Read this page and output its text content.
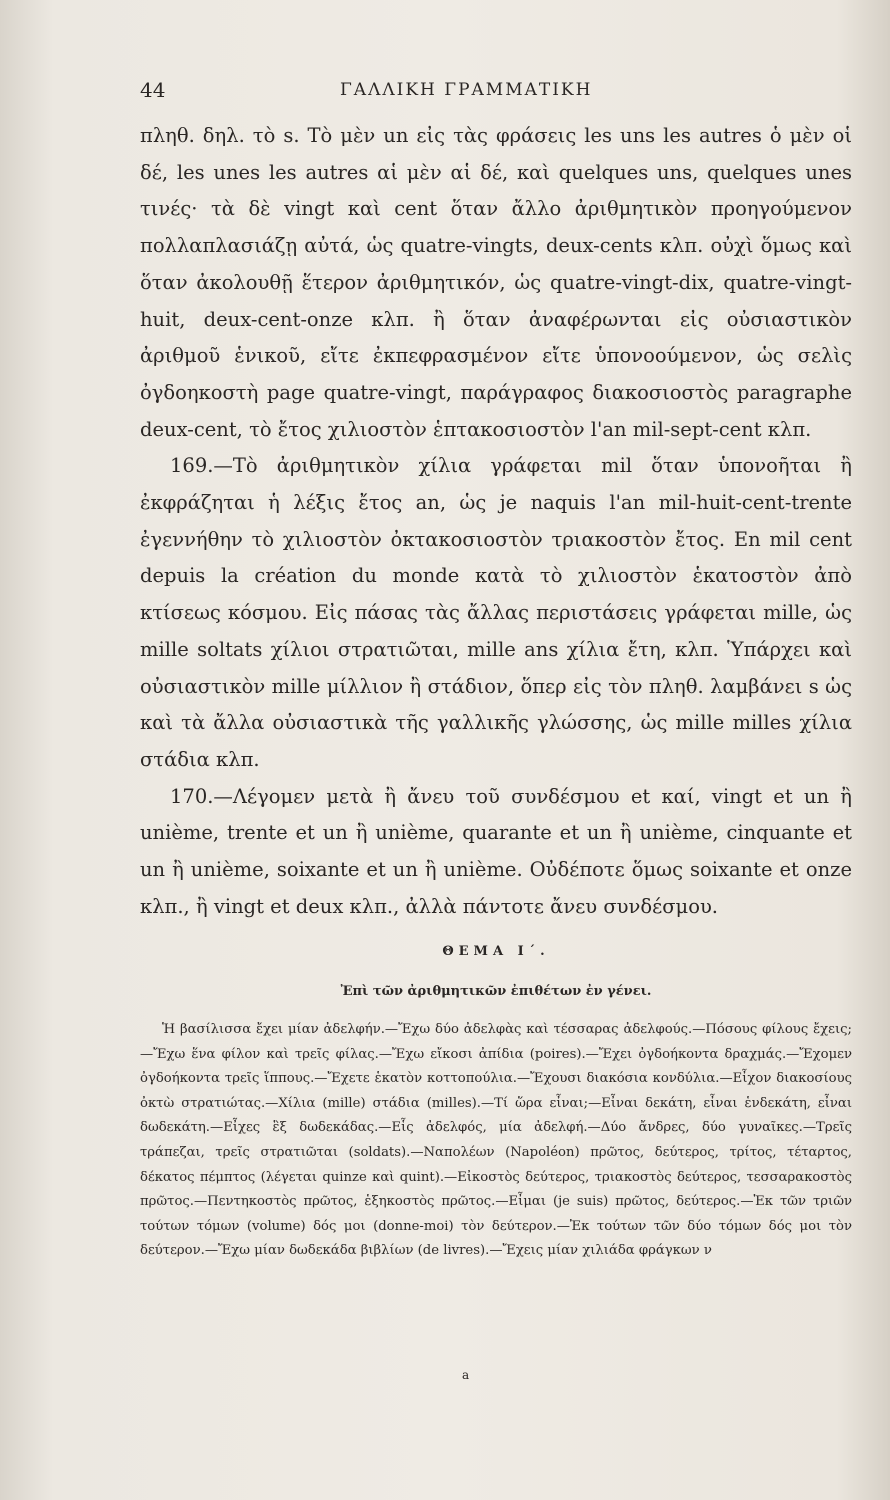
44	ΓΑΛΛΙΚΗ ΓΡΑΜΜΑΤΙΚΗ

πληθ. δηλ. τὸ s. Τὸ μὲν un εἰς τὰς φράσεις les uns les autres ὁ μὲν οἱ δέ, les unes les autres αἱ μὲν αἱ δέ, καὶ quelques uns, quelques unes τινές· τὰ δὲ vingt καὶ cent ὅταν ἄλλο ἀριθμητικὸν προηγούμενον πολλαπλασιάζῃ αὐτά, ὡς quatre-vingts, deux-cents κλπ. οὐχὶ ὅμως καὶ ὅταν ἀκολουθῇ ἕτερον ἀριθμητικόν, ὡς quatre-vingt-dix, quatre-vingt-huit, deux-cent-onze κλπ. ἢ ὅταν ἀναφέρωνται εἰς οὐσιαστικὸν ἀριθμοῦ ἑνικοῦ, εἴτε ἐκπεφρασμένον εἴτε ὑπονοούμενον, ὡς σελὶς ὀγδοηκοστὴ page quatre-vingt, παράγραφος διακοσιοστὸς paragraphe deux-cent, τὸ ἔτος χιλιοστὸν ἑπτακοσιοστὸν l'an mil-sept-cent κλπ.

169.—Τὸ ἀριθμητικὸν χίλια γράφεται mil ὅταν ὑπονοῆται ἢ ἐκφράζηται ἡ λέξις ἔτος an, ὡς je naquis l'an mil-huit-cent-trente ἐγεννήθην τὸ χιλιοστὸν ὀκτακοσιοστὸν τριακοστὸν ἔτος. En mil cent depuis la création du monde κατὰ τὸ χιλιοστὸν ἑκατοστὸν ἀπὸ κτίσεως κόσμου. Εἰς πάσας τὰς ἄλλας περιστάσεις γράφεται mille, ὡς mille soltats χίλιοι στρατιῶται, mille ans χίλια ἔτη, κλπ. Ὑπάρχει καὶ οὐσιαστικὸν mille μίλλιον ἢ στάδιον, ὅπερ εἰς τὸν πληθ. λαμβάνει s ὡς καὶ τὰ ἄλλα οὐσιαστικὰ τῆς γαλλικῆς γλώσσης, ὡς mille milles χίλια στάδια κλπ.

170.—Λέγομεν μετὰ ἢ ἄνευ τοῦ συνδέσμου et καί, vingt et un ἢ unième, trente et un ἢ unième, quarante et un ἢ unième, cinquante et un ἢ unième, soixante et un ἢ unième. Οὐδέποτε ὅμως soixante et onze κλπ., ἢ vingt et deux κλπ., ἀλλὰ πάντοτε ἄνευ συνδέσμου.

ΘΕΜΑ Ι΄.
Ἐπὶ τῶν ἀριθμητικῶν ἐπιθέτων ἐν γένει.

Ἡ βασίλισσα ἔχει μίαν ἀδελφήν.—Ἔχω δύο ἀδελφὰς καὶ τέσσαρας ἀδελφούς.—Πόσους φίλους ἔχεις;—Ἔχω ἕνα φίλον καὶ τρεῖς φίλας.—Ἔχω εἴκοσι ἀπίδια (poires).—Ἔχει ὀγδοήκοντα δραχμάς.—Ἔχομεν ὀγδοήκοντα τρεῖς ἵππους.—Ἔχετε ἑκατὸν κοττοπούλια.—Ἔχουσι διακόσια κονδύλια.—Εἶχον διακοσίους ὀκτὼ στρατιώτας.—Χίλια (mille) στάδια (milles).—Τί ὥρα εἶναι;—Εἶναι δεκάτη, εἶναι ἑνδεκάτη, εἶναι δωδεκάτη.—Εἶχες ἓξ δωδεκάδας.—Εἷς ἀδελφός, μία ἀδελφή.—Δύο ἄνδρες, δύο γυναῖκες.—Τρεῖς τράπεζαι, τρεῖς στρατιῶται (soldats).—Ναπολέων (Napoléon) πρῶτος, δεύτερος, τρίτος, τέταρτος, δέκατος πέμπτος (λέγεται quinze καὶ quint).—Εἰκοστὸς δεύτερος, τριακοστὸς δεύτερος, τεσσαρακοστὸς πρῶτος.—Πεντηκοστὸς πρῶτος, ἑξηκοστὸς πρῶτος.—Εἶμαι (je suis) πρῶτος, δεύτερος.—Ἐκ τῶν τριῶν τούτων τόμων (volume) δός μοι (donne-moi) τὸν δεύτερον.—Ἐκ τούτων τῶν δύο τόμων δός μοι τὸν δεύτερον.—Ἔχω μίαν δωδεκάδα βιβλίων (de livres).—Ἔχεις μίαν χιλιάδα φράγκων ν

a
